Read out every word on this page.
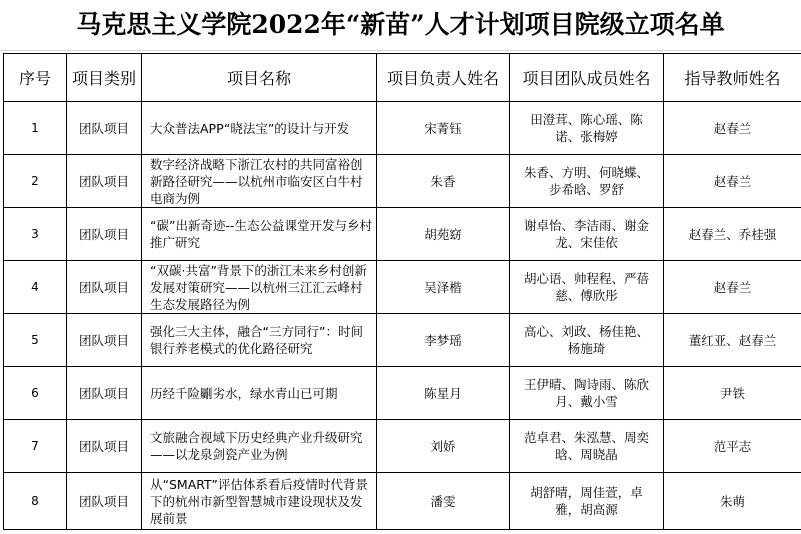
马克思主义学院2022年“新苗”人才计划项目院级立项名单
序号	项目类别	项目名称	项目负责人姓名	项目团队成员姓名	指导教师姓名
1	团队项目	大众普法APP“晓法宝”的设计与开发	宋菁钰	田澄茸、陈心瑶、陈诺、张梅婷	赵春兰
2	团队项目	数字经济战略下浙江农村的共同富裕创新路径研究——以杭州市临安区白牛村电商为例	朱香	朱香、方明、何晓蝶、步希晗、罗舒	赵春兰
3	团队项目	“碳”出新奇迹--生态公益课堂开发与乡村推广研究	胡苑窈	谢卓怡、李洁雨、谢金龙、宋佳依	赵春兰、乔桂强
4	团队项目	“双碳·共富”背景下的浙江未来乡村创新发展对策研究——以杭州三江汇云峰村生态发展路径为例	吴泽楷	胡心语、帅程程、严蓓慈、傅欣彤	赵春兰
5	团队项目	强化三大主体，融合“三方同行”：时间银行养老模式的优化路径研究	李梦瑶	高心、刘政、杨佳艳、杨施琦	董红亚、赵春兰
6	团队项目	历经千险劚劣水，绿水青山已可期	陈星月	王伊晴、陶诗雨、陈欣月、戴小雪	尹铁
7	团队项目	文旅融合视域下历史经典产业升级研究——以龙泉剑瓷产业为例	刘娇	范卓君、朱泓慧、周奕晗、周晓晶	范平志
8	团队项目	从“SMART”评估体系看后疫情时代背景下的杭州市新型智慧城市建设现状及发展前景	潘雯	胡舒晴，周佳萱，卓雅，胡高源	朱萌
